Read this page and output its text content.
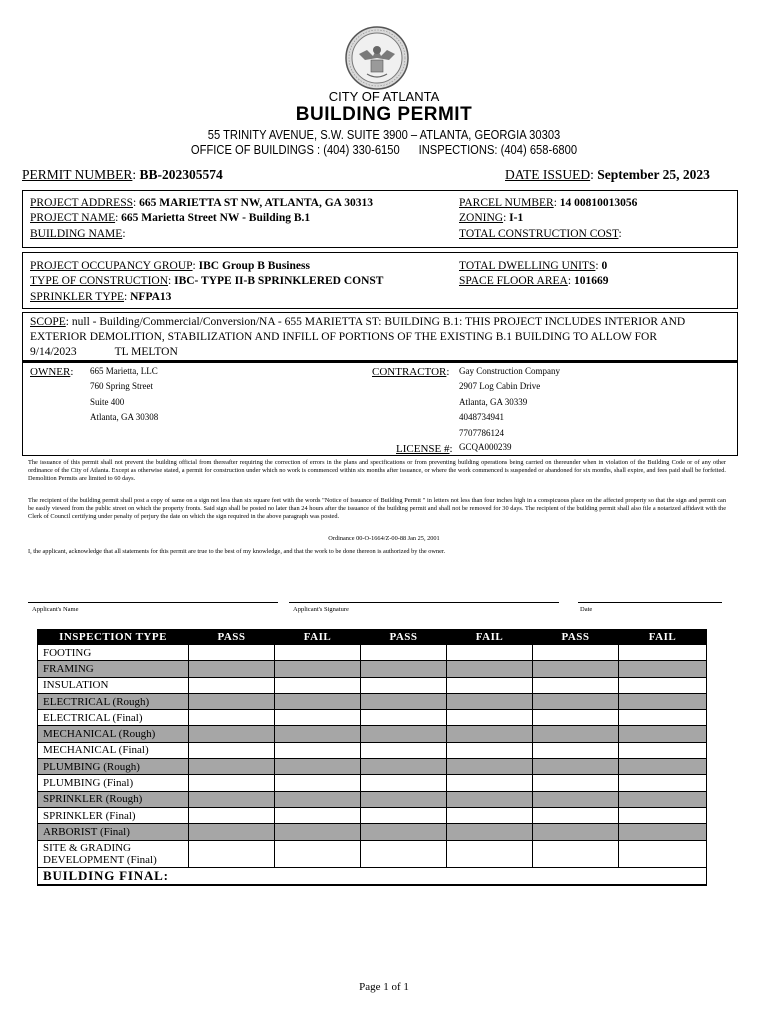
CITY OF ATLANTA
BUILDING PERMIT
55 TRINITY AVENUE, S.W. SUITE 3900 – ATLANTA, GEORGIA 30303
OFFICE OF BUILDINGS : (404) 330-6150 INSPECTIONS: (404) 658-6800
PERMIT NUMBER: BB-202305574	DATE ISSUED: September 25, 2023
PROJECT ADDRESS: 665 MARIETTA ST NW, ATLANTA, GA 30313
PROJECT NAME: 665 Marietta Street NW - Building B.1
BUILDING NAME:
PARCEL NUMBER: 14 00810013056
ZONING: I-1
TOTAL CONSTRUCTION COST:
PROJECT OCCUPANCY GROUP: IBC Group B Business
TYPE OF CONSTRUCTION: IBC- TYPE II-B SPRINKLERED CONST
SPRINKLER TYPE: NFPA13
TOTAL DWELLING UNITS: 0
SPACE FLOOR AREA: 101669
SCOPE: null - Building/Commercial/Conversion/NA - 655 MARIETTA ST: BUILDING B.1: THIS PROJECT INCLUDES INTERIOR AND EXTERIOR DEMOLITION, STABILIZATION AND INFILL OF PORTIONS OF THE EXISTING B.1 BUILDING TO ALLOW FOR 9/14/2023	TL MELTON
OWNER: 665 Marietta, LLC
760 Spring Street
Suite 400
Atlanta, GA 30308
CONTRACTOR: Gay Construction Company
2907 Log Cabin Drive
Atlanta, GA 30339
4048734941
7707786124
LICENSE #: GCQA000239
The issuance of this permit shall not prevent the building official from thereafter requiring the correction of errors in the plans and specifications or from preventing building operations being carried on thereunder when in violation of the Building Code or of any other ordinance of the City of Atlanta. Except as otherwise stated, a permit for construction under which no work is commenced within six months after issuance, or where the work commenced is suspended or abandoned for six months, shall expire, and fees paid shall be forfeited. Demolition Permits are limited to 60 days.
The recipient of the building permit shall post a copy of same on a sign not less than six square feet with the words "Notice of Issuance of Building Permit " in letters not less than four inches high in a conspicuous place on the affected property so that the sign and permit can be easily viewed from the public street on which the property fronts. Said sign shall be posted no later than 24 hours after the issuance of the building permit and shall not be removed for 30 days. The recipient of the building permit shall also file a notarized affidavit with the Clerk of Council certifying under penalty of perjury the date on which the sign required in the above paragraph was posted.
Ordinance 00-O-1664/Z-00-88 Jan 25, 2001
I, the applicant, acknowledge that all statements for this permit are true to the best of my knowledge, and that the work to be done thereon is authorized by the owner.
Applicant's Name	Applicant's Signature	Date
INSPECTION TYPE	PASS	FAIL	PASS	FAIL	PASS	FAIL
FOOTING						
FRAMING						
INSULATION						
ELECTRICAL (Rough)						
ELECTRICAL (Final)						
MECHANICAL (Rough)						
MECHANICAL (Final)						
PLUMBING (Rough)						
PLUMBING (Final)						
SPRINKLER (Rough)						
SPRINKLER (Final)						
ARBORIST (Final)						
SITE & GRADING DEVELOPMENT (Final)						
BUILDING FINAL:						
Page 1 of 1
